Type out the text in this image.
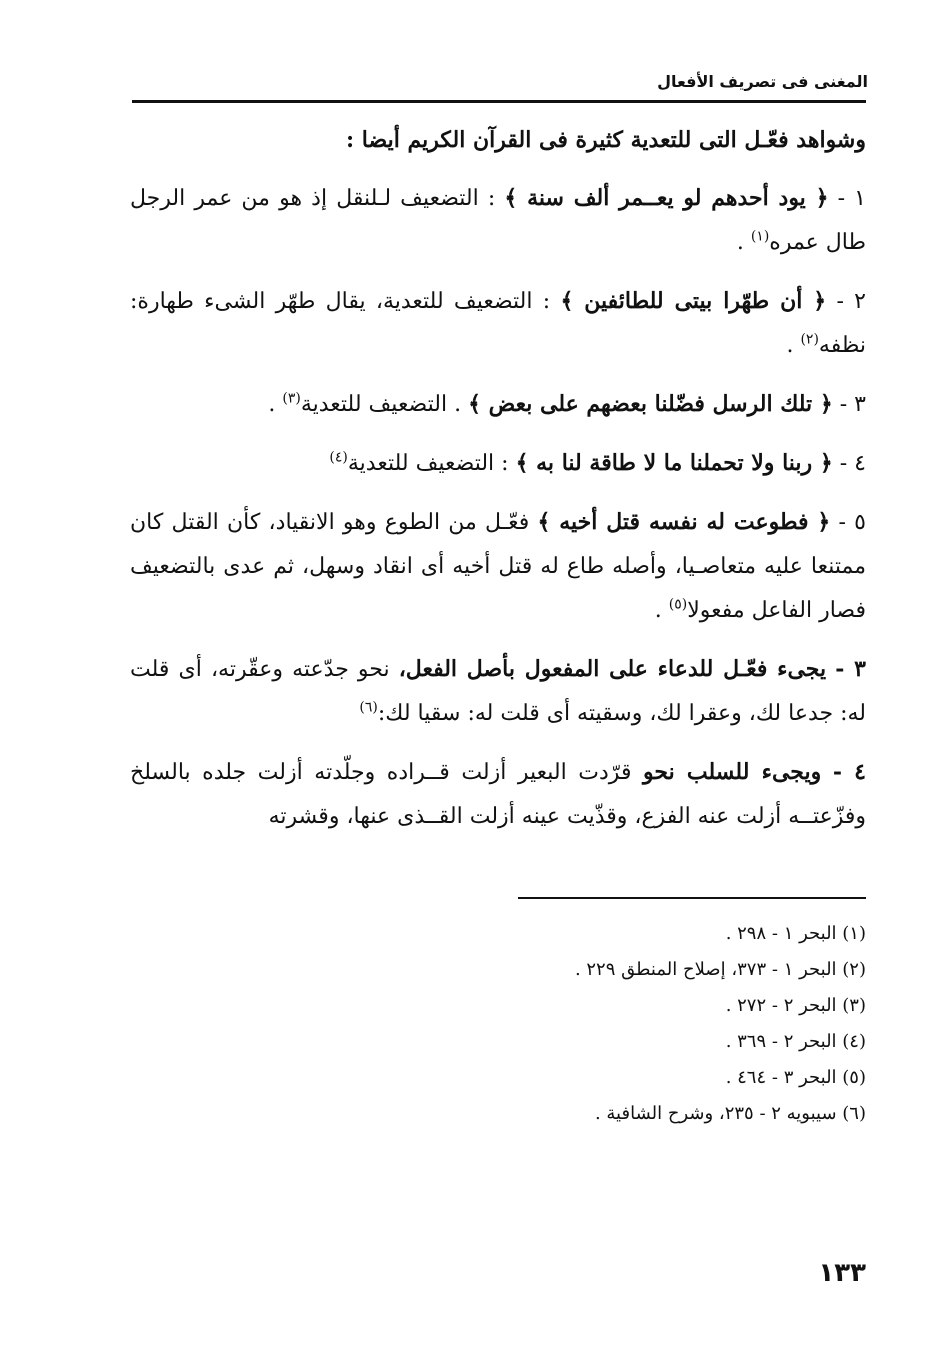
المغنى فى تصريف الأفعال

وشواهد فعّـل التى للتعدية كثيرة فى القرآن الكريم أيضا :

١ - ﴿ يود أحدهم لو يعــمر ألف سنة ﴾ : التضعيف لـلنقل إذ هو من عمر الرجل طال عمره$^{(١)}$ .

٢ - ﴿ أن طهّرا بيتى للطائفين ﴾ : التضعيف للتعدية، يقال طهّر الشىء طهارة: نظفه$^{(٢)}$ .

٣ - ﴿ تلك الرسل فضّلنا بعضهم على بعض ﴾ . التضعيف للتعدية$^{(٣)}$ .

٤ - ﴿ ربنا ولا تحملنا ما لا طاقة لنا به ﴾ : التضعيف للتعدية$^{(٤)}$

٥ - ﴿ فطوعت له نفسه قتل أخيه ﴾ فعّـل من الطوع وهو الانقياد، كأن القتل كان ممتنعا عليه متعاصـيا، وأصله طاع له قتل أخيه أى انقاد وسهل، ثم عدى بالتضعيف فصار الفاعل مفعولا$^{(٥)}$ .

٣ - يجىء فعّـل للدعاء على المفعول بأصل الفعل، نحو جدّعته وعقّرته، أى قلت له: جدعا لك، وعقرا لك، وسقيته أى قلت له: سقيا لك:$^{(٦)}$

٤ - ويجىء للسلب نحو قرّدت البعير أزلت قــراده وجلّدته أزلت جلده بالسلخ وفزّعتــه أزلت عنه الفزع، وقذّيت عينه أزلت القــذى عنها، وقشرته

(١) البحر ١ - ٢٩٨ .
(٢) البحر ١ - ٣٧٣، إصلاح المنطق ٢٢٩ .
(٣) البحر ٢ - ٢٧٢ .
(٤) البحر ٢ - ٣٦٩ .
(٥) البحر ٣ - ٤٦٤ .
(٦) سيبويه ٢ - ٢٣٥، وشرح الشافية .
١٣٣
